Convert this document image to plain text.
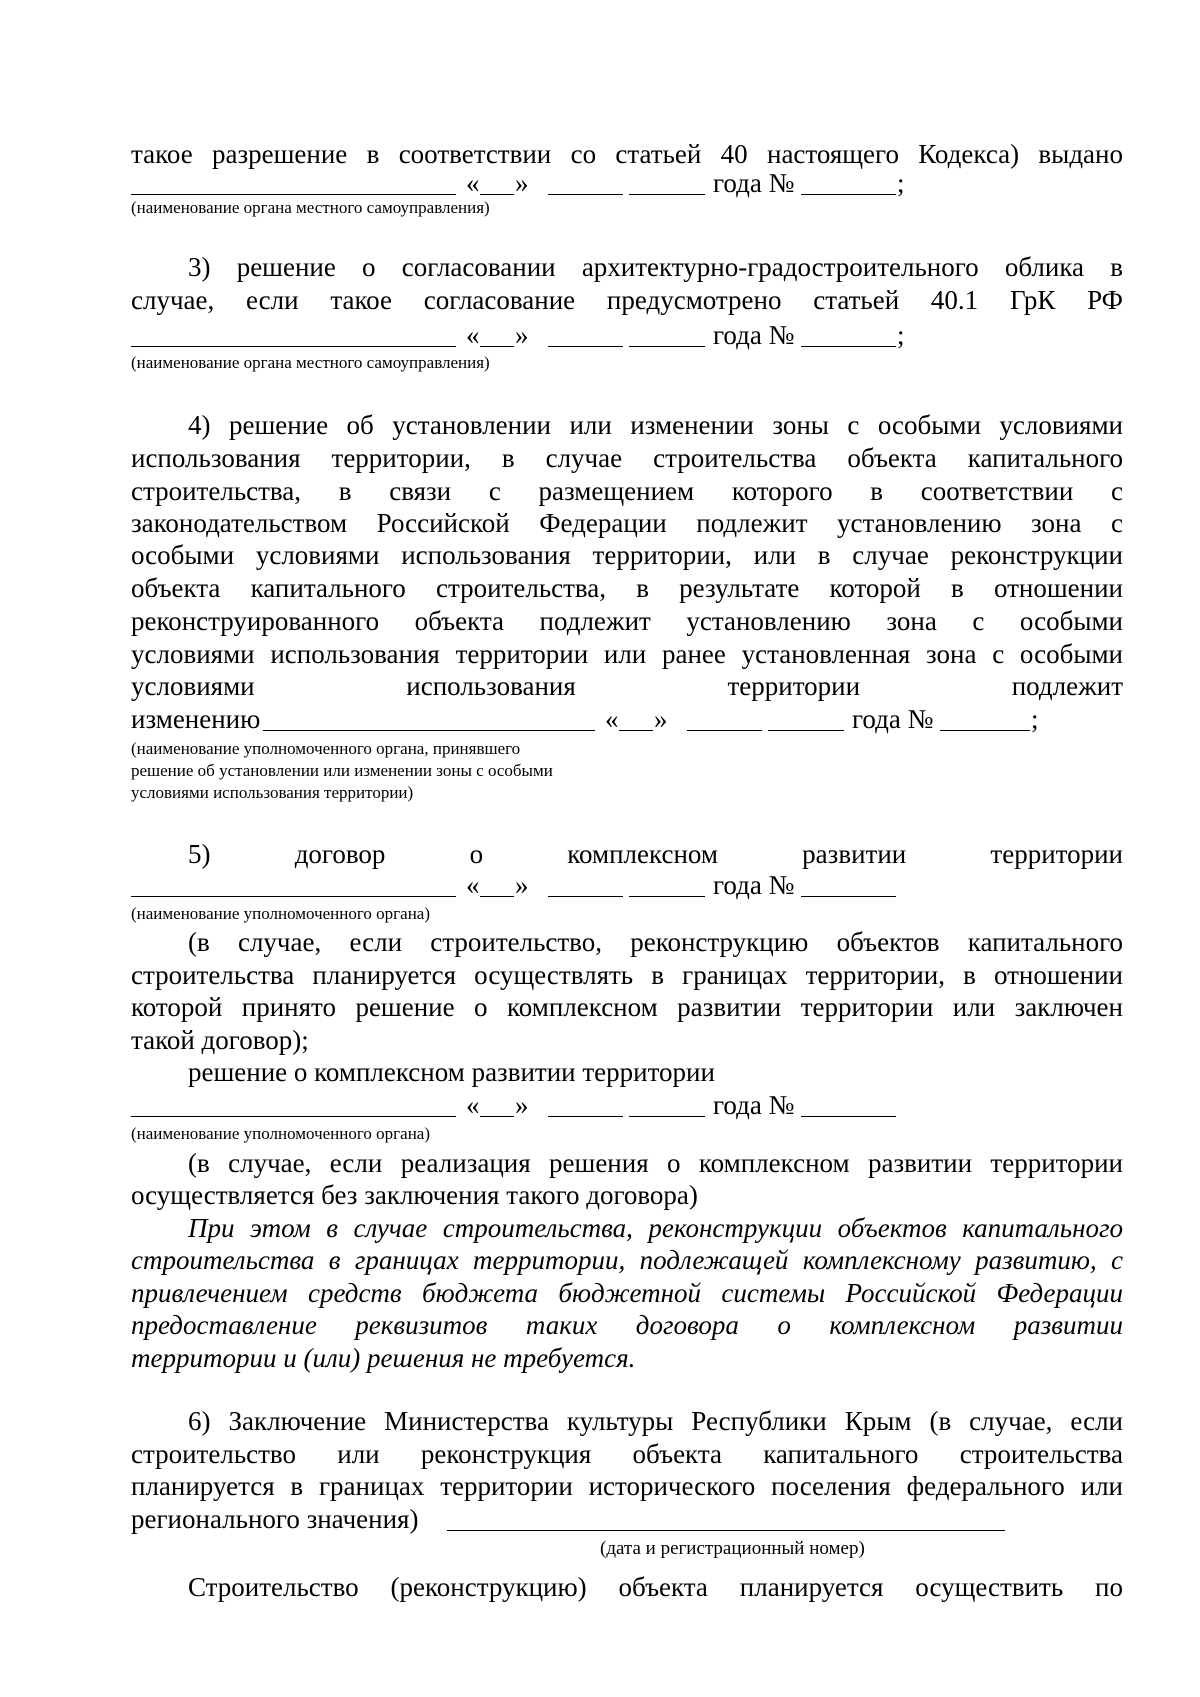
такое разрешение в соответствии со статьей 40 настоящего Кодекса) выдано
« »	года №	;
(наименование органа местного самоуправления)
3) решение о согласовании архитектурно-градостроительного облика в
случае, если такое согласование предусмотрено статьей 40.1 ГрК РФ
« »	года №	;
(наименование органа местного самоуправления)
4) решение об установлении или изменении зоны с особыми условиями
использования территории, в случае строительства объекта капитального
строительства, в связи с размещением которого в соответствии с
законодательством Российской Федерации подлежит установлению зона с
особыми условиями использования территории, или в случае реконструкции
объекта капитального строительства, в результате которой в отношении
реконструированного объекта подлежит установлению зона с особыми
условиями использования территории или ранее установленная зона с особыми
условиями использования территории подлежит
изменению	« »	года №	;
(наименование уполномоченного органа, принявшего
решение об установлении или изменении зоны с особыми
условиями использования территории)
5) договор о комплексном развитии территории
« »	года №
(наименование уполномоченного органа)
(в случае, если строительство, реконструкцию объектов капитального
строительства планируется осуществлять в границах территории, в отношении
которой принято решение о комплексном развитии территории или заключен
такой договор);
решение о комплексном развитии территории
« »	года №
(наименование уполномоченного органа)
(в случае, если реализация решения о комплексном развитии территории
осуществляется без заключения такого договора)
При этом в случае строительства, реконструкции объектов капитального
строительства в границах территории, подлежащей комплексному развитию, с
привлечением средств бюджета бюджетной системы Российской Федерации
предоставление реквизитов таких договора о комплексном развитии
территории и (или) решения не требуется.
6) Заключение Министерства культуры Республики Крым (в случае, если
строительство или реконструкция объекта капитального строительства
планируется в границах территории исторического поселения федерального или
регионального значения)
(дата и регистрационный номер)
Строительство (реконструкцию) объекта планируется осуществить по
